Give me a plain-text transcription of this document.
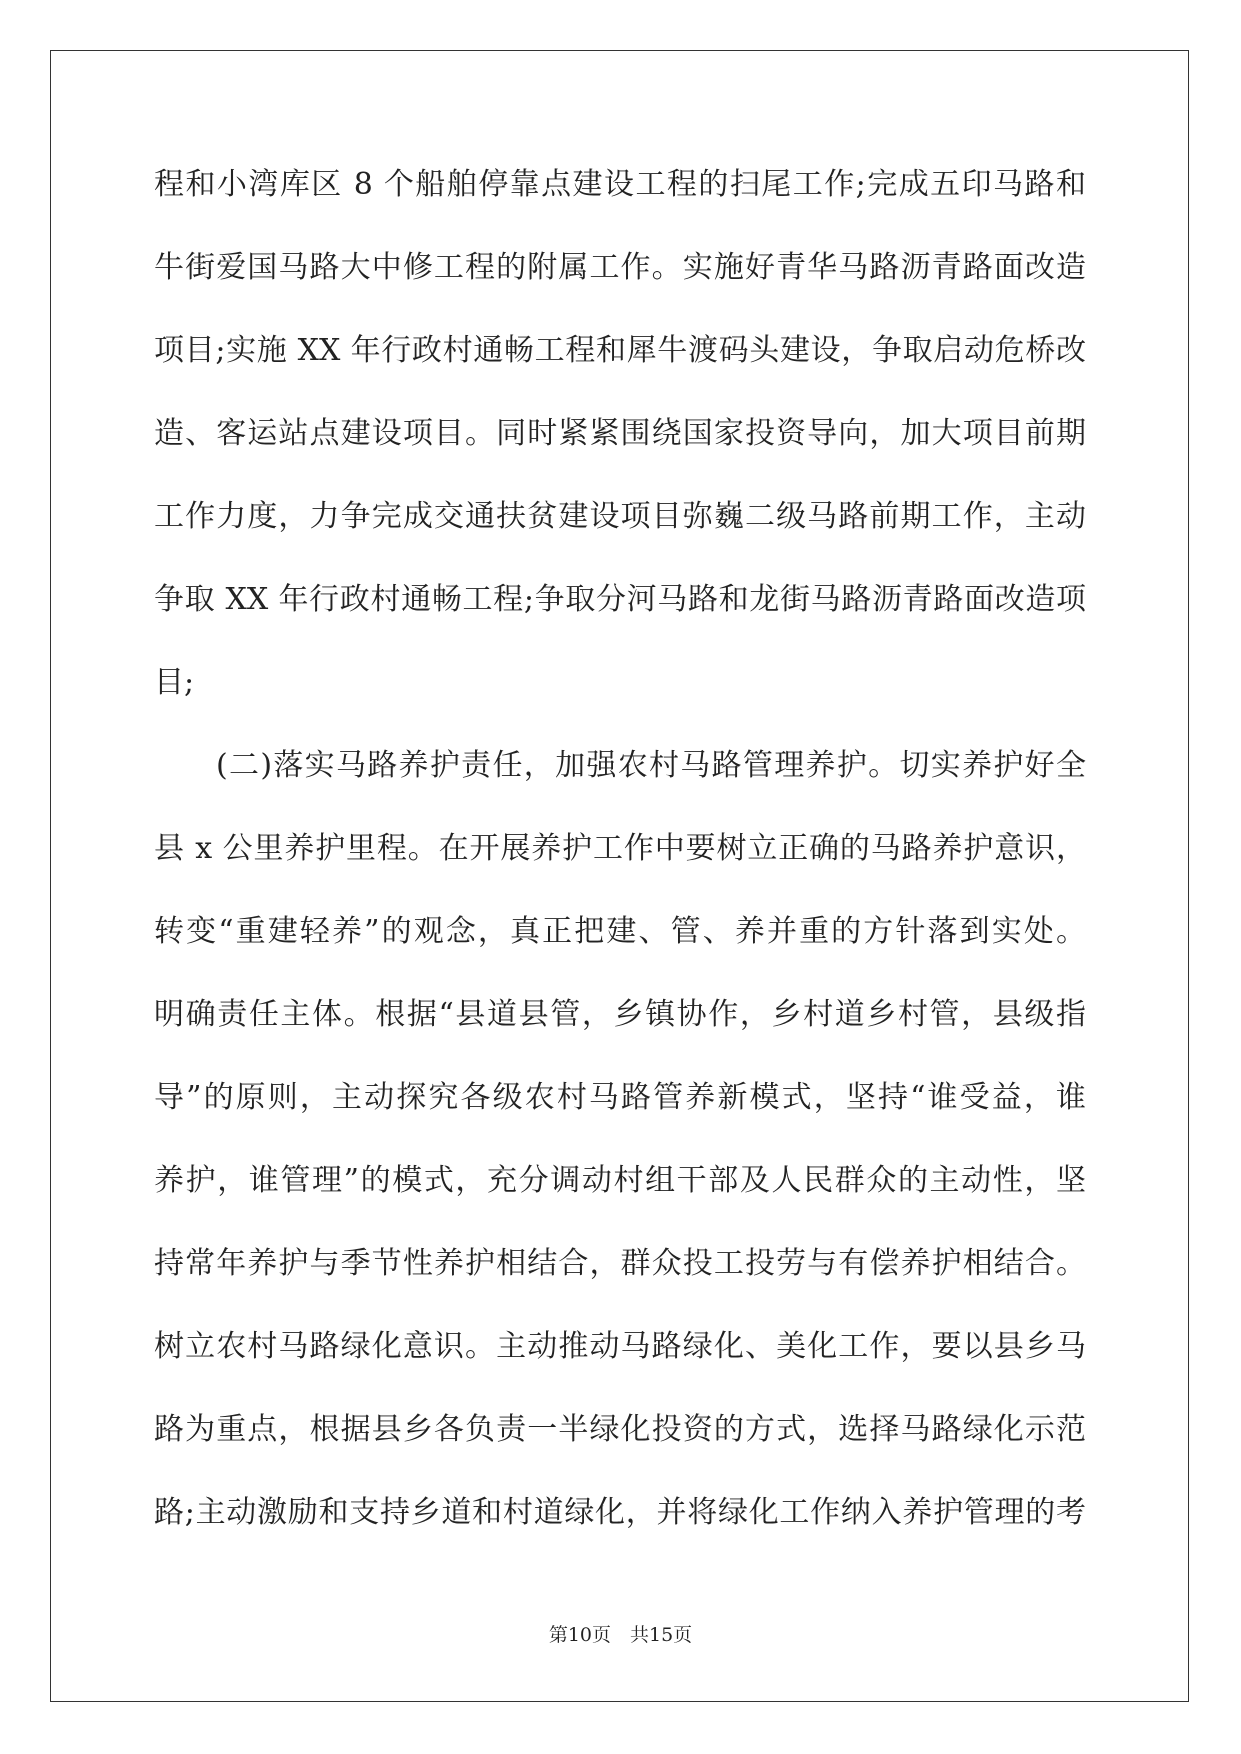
程和小湾库区 8 个船舶停靠点建设工程的扫尾工作;完成五印马路和
牛街爱国马路大中修工程的附属工作。实施好青华马路沥青路面改造
项目;实施 XX 年行政村通畅工程和犀牛渡码头建设，争取启动危桥改
造、客运站点建设项目。同时紧紧围绕国家投资导向，加大项目前期
工作力度，力争完成交通扶贫建设项目弥巍二级马路前期工作，主动
争取 XX 年行政村通畅工程;争取分河马路和龙街马路沥青路面改造项
目;
(二)落实马路养护责任，加强农村马路管理养护。切实养护好全
县 x 公里养护里程。在开展养护工作中要树立正确的马路养护意识，
转变“重建轻养”的观念，真正把建、管、养并重的方针落到实处。
明确责任主体。根据“县道县管，乡镇协作，乡村道乡村管，县级指
导”的原则，主动探究各级农村马路管养新模式，坚持“谁受益，谁
养护，谁管理”的模式，充分调动村组干部及人民群众的主动性，坚
持常年养护与季节性养护相结合，群众投工投劳与有偿养护相结合。
树立农村马路绿化意识。主动推动马路绿化、美化工作，要以县乡马
路为重点，根据县乡各负责一半绿化投资的方式，选择马路绿化示范
路;主动激励和支持乡道和村道绿化，并将绿化工作纳入养护管理的考
第10页　共15页
